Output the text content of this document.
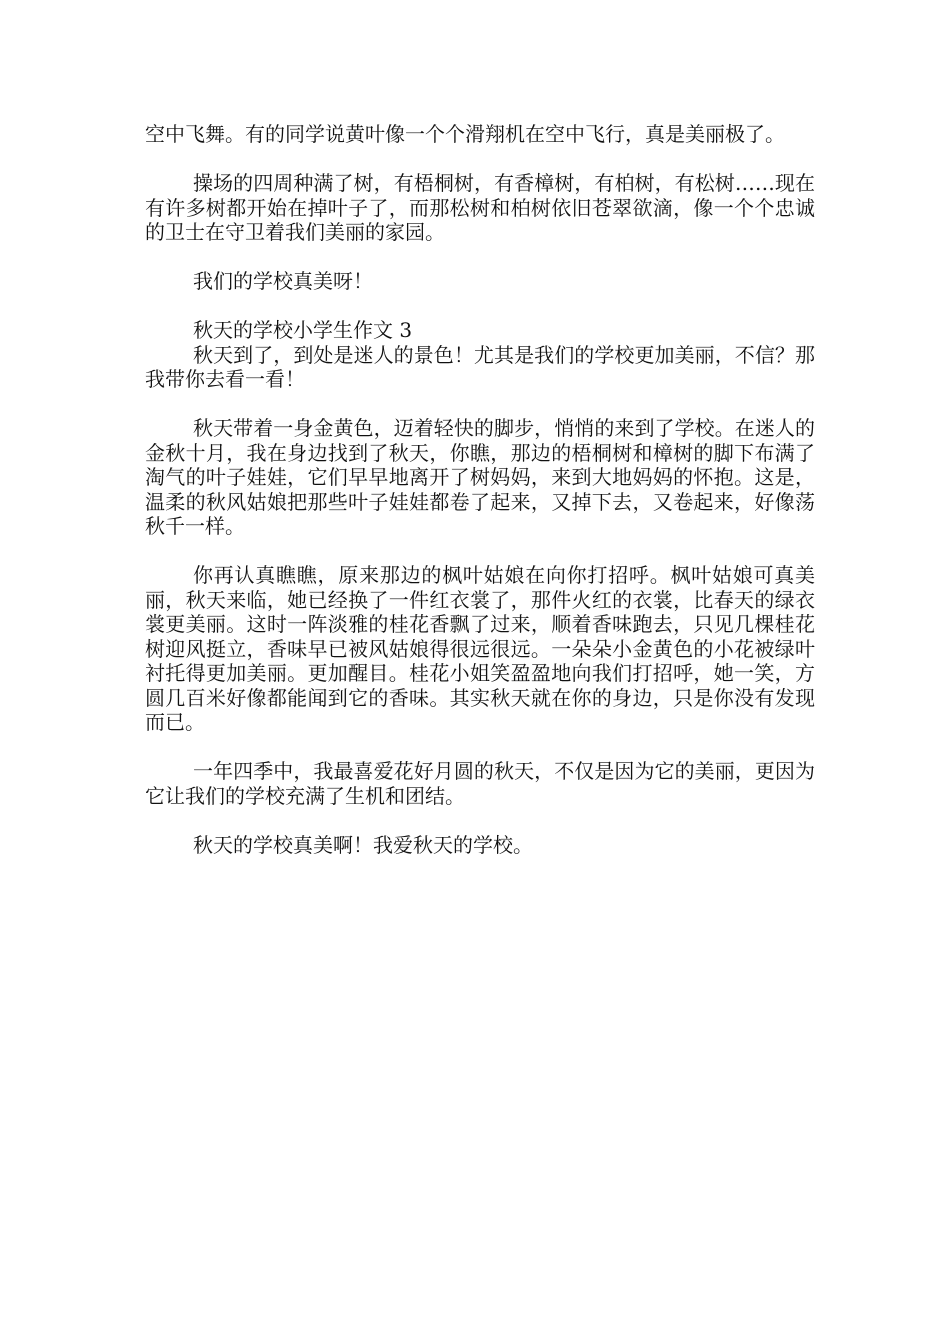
空中飞舞。有的同学说黄叶像一个个滑翔机在空中飞行，真是美丽极了。

操场的四周种满了树，有梧桐树，有香樟树，有柏树，有松树……现在有许多树都开始在掉叶子了，而那松树和柏树依旧苍翠欲滴，像一个个忠诚的卫士在守卫着我们美丽的家园。

我们的学校真美呀！

秋天的学校小学生作文 3

秋天到了，到处是迷人的景色！尤其是我们的学校更加美丽，不信？那我带你去看一看！

秋天带着一身金黄色，迈着轻快的脚步，悄悄的来到了学校。在迷人的金秋十月，我在身边找到了秋天，你瞧，那边的梧桐树和樟树的脚下布满了淘气的叶子娃娃，它们早早地离开了树妈妈，来到大地妈妈的怀抱。这是，温柔的秋风姑娘把那些叶子娃娃都卷了起来，又掉下去，又卷起来，好像荡秋千一样。

你再认真瞧瞧，原来那边的枫叶姑娘在向你打招呼。枫叶姑娘可真美丽，秋天来临，她已经换了一件红衣裳了，那件火红的衣裳，比春天的绿衣裳更美丽。这时一阵淡雅的桂花香飘了过来，顺着香味跑去，只见几棵桂花树迎风挺立，香味早已被风姑娘得很远很远。一朵朵小金黄色的小花被绿叶衬托得更加美丽。更加醒目。桂花小姐笑盈盈地向我们打招呼，她一笑，方圆几百米好像都能闻到它的香味。其实秋天就在你的身边，只是你没有发现而已。

一年四季中，我最喜爱花好月圆的秋天，不仅是因为它的美丽，更因为它让我们的学校充满了生机和团结。

秋天的学校真美啊！我爱秋天的学校。
